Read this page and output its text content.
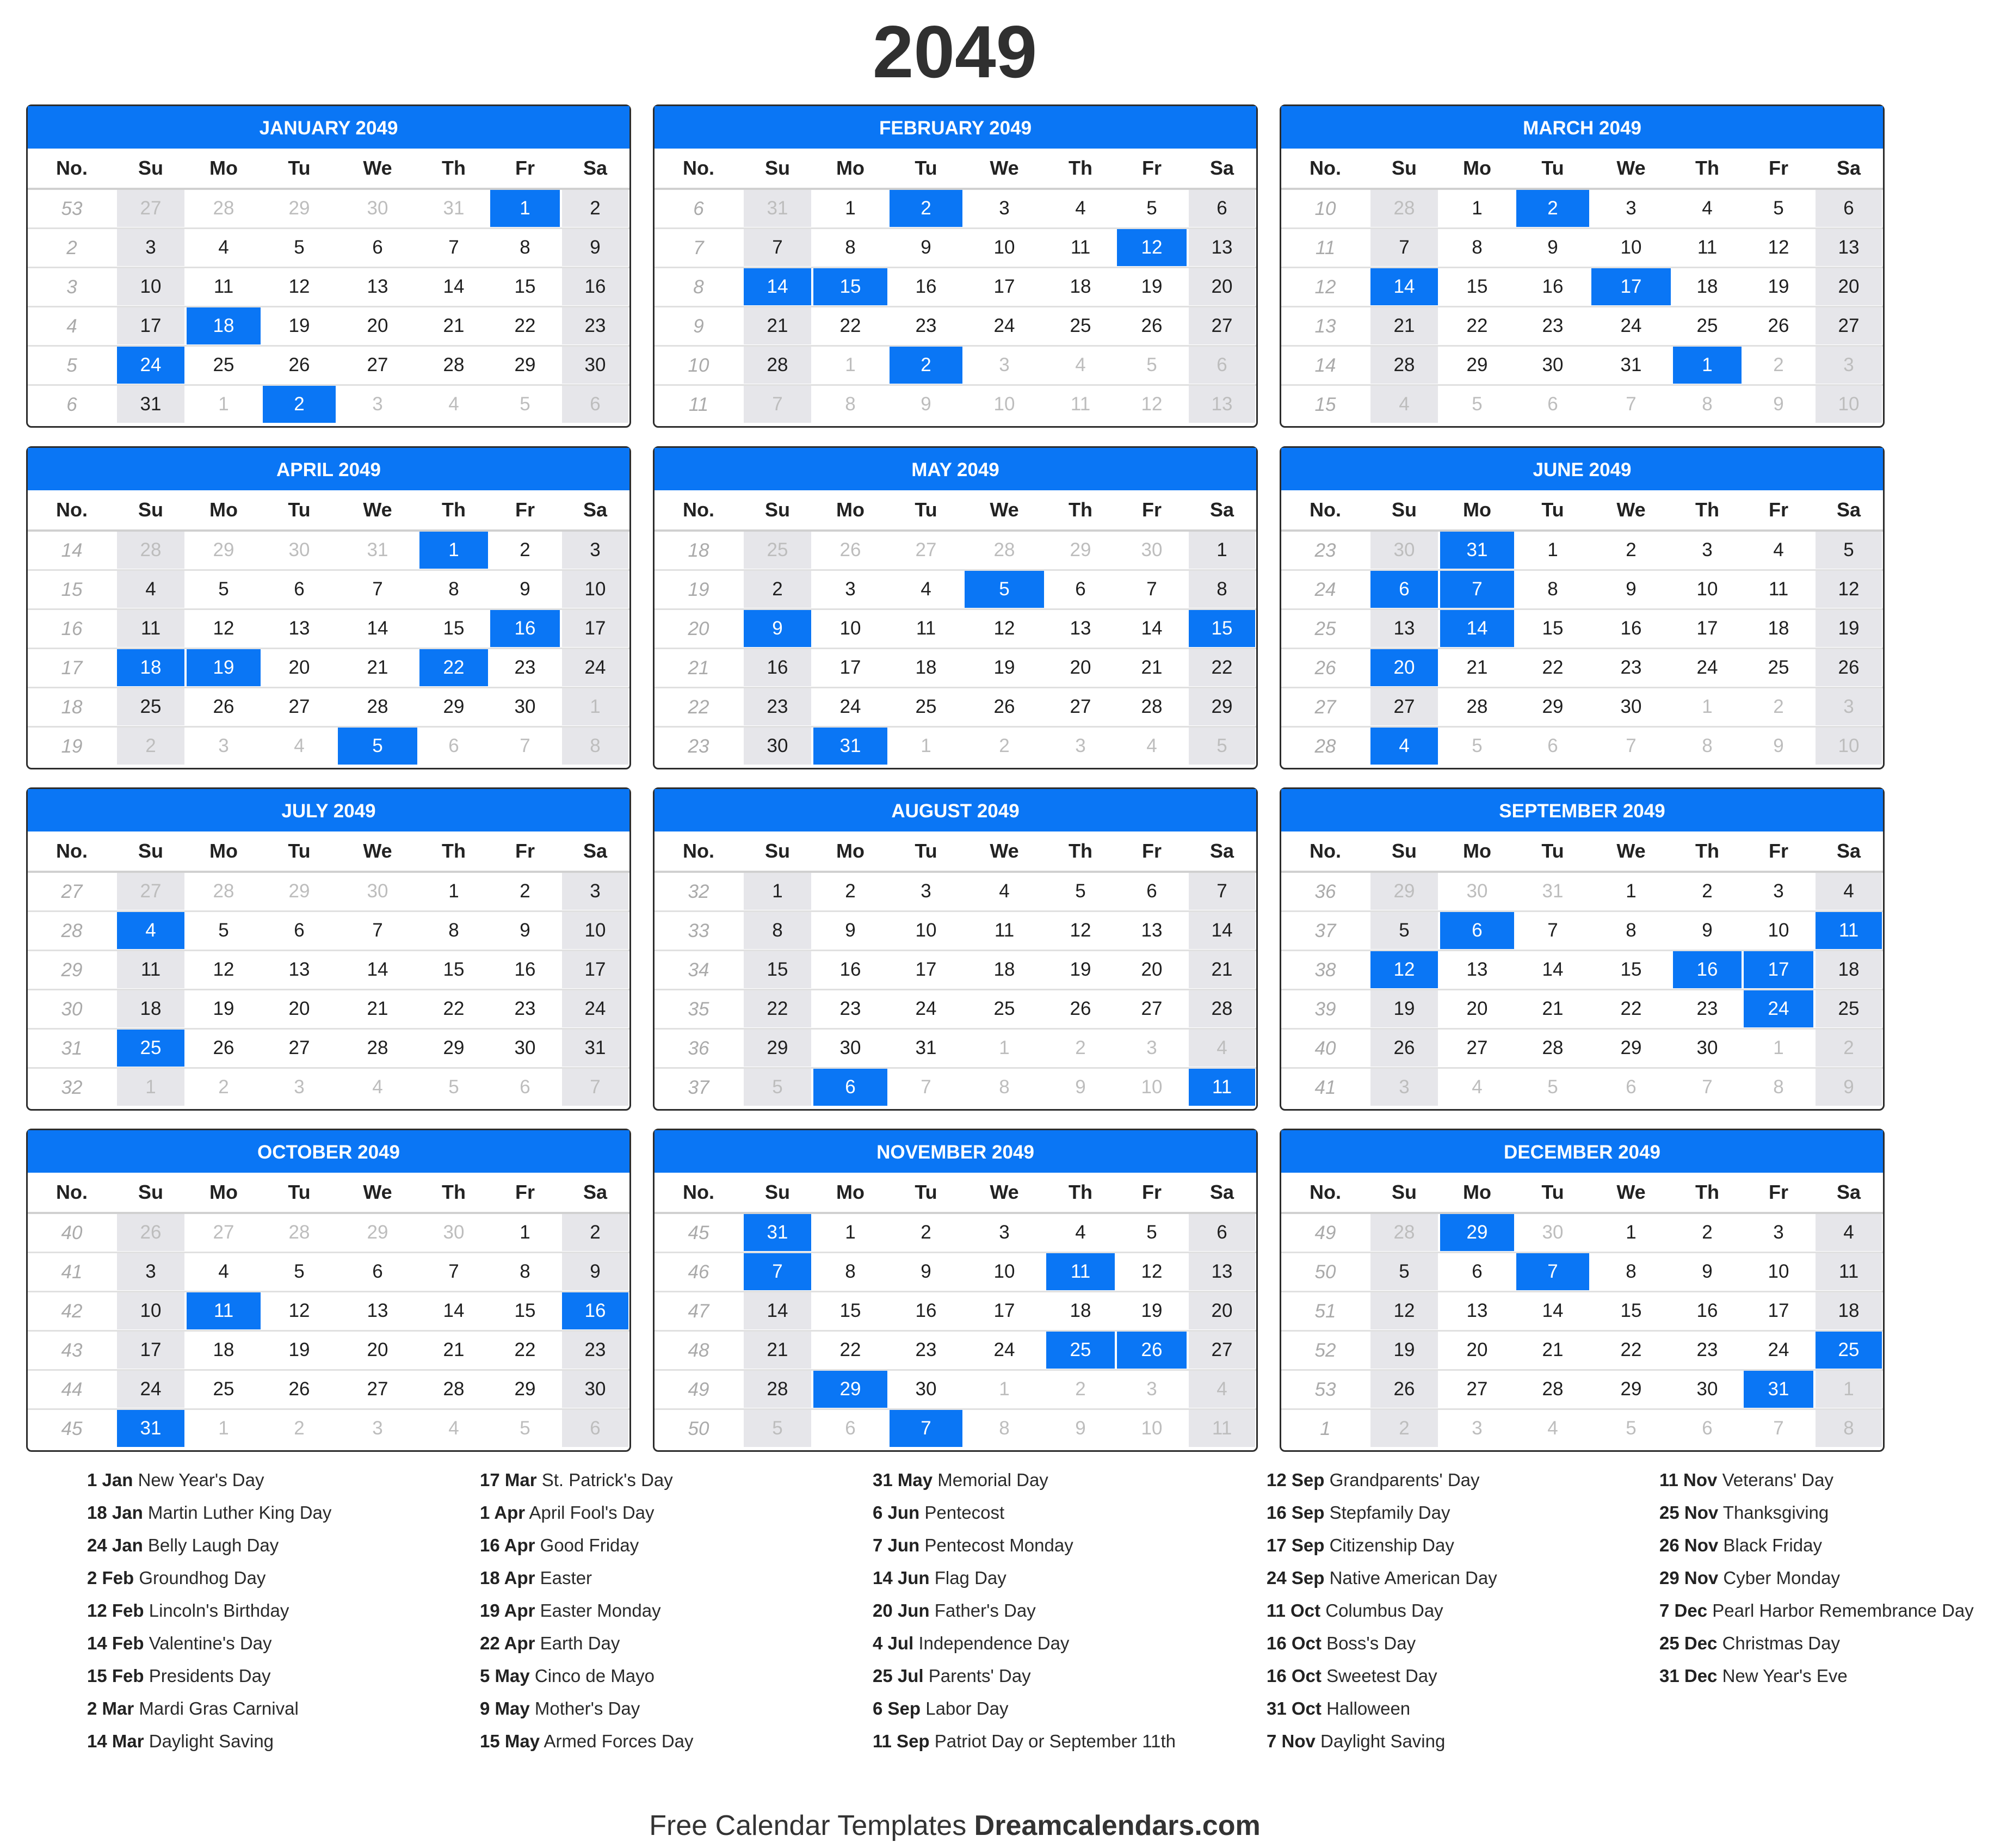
2049
JANUARY 2049
No.	Su	Mo	Tu	We	Th	Fr	Sa
53	27	28	29	30	31	1	2
2	3	4	5	6	7	8	9
3	10	11	12	13	14	15	16
4	17	18	19	20	21	22	23
5	24	25	26	27	28	29	30
6	31	1	2	3	4	5	6
FEBRUARY 2049
No.	Su	Mo	Tu	We	Th	Fr	Sa
6	31	1	2	3	4	5	6
7	7	8	9	10	11	12	13
8	14	15	16	17	18	19	20
9	21	22	23	24	25	26	27
10	28	1	2	3	4	5	6
11	7	8	9	10	11	12	13
MARCH 2049
No.	Su	Mo	Tu	We	Th	Fr	Sa
10	28	1	2	3	4	5	6
11	7	8	9	10	11	12	13
12	14	15	16	17	18	19	20
13	21	22	23	24	25	26	27
14	28	29	30	31	1	2	3
15	4	5	6	7	8	9	10
APRIL 2049
No.	Su	Mo	Tu	We	Th	Fr	Sa
14	28	29	30	31	1	2	3
15	4	5	6	7	8	9	10
16	11	12	13	14	15	16	17
17	18	19	20	21	22	23	24
18	25	26	27	28	29	30	1
19	2	3	4	5	6	7	8
MAY 2049
No.	Su	Mo	Tu	We	Th	Fr	Sa
18	25	26	27	28	29	30	1
19	2	3	4	5	6	7	8
20	9	10	11	12	13	14	15
21	16	17	18	19	20	21	22
22	23	24	25	26	27	28	29
23	30	31	1	2	3	4	5
JUNE 2049
No.	Su	Mo	Tu	We	Th	Fr	Sa
23	30	31	1	2	3	4	5
24	6	7	8	9	10	11	12
25	13	14	15	16	17	18	19
26	20	21	22	23	24	25	26
27	27	28	29	30	1	2	3
28	4	5	6	7	8	9	10
JULY 2049
No.	Su	Mo	Tu	We	Th	Fr	Sa
27	27	28	29	30	1	2	3
28	4	5	6	7	8	9	10
29	11	12	13	14	15	16	17
30	18	19	20	21	22	23	24
31	25	26	27	28	29	30	31
32	1	2	3	4	5	6	7
AUGUST 2049
No.	Su	Mo	Tu	We	Th	Fr	Sa
32	1	2	3	4	5	6	7
33	8	9	10	11	12	13	14
34	15	16	17	18	19	20	21
35	22	23	24	25	26	27	28
36	29	30	31	1	2	3	4
37	5	6	7	8	9	10	11
SEPTEMBER 2049
No.	Su	Mo	Tu	We	Th	Fr	Sa
36	29	30	31	1	2	3	4
37	5	6	7	8	9	10	11
38	12	13	14	15	16	17	18
39	19	20	21	22	23	24	25
40	26	27	28	29	30	1	2
41	3	4	5	6	7	8	9
OCTOBER 2049
No.	Su	Mo	Tu	We	Th	Fr	Sa
40	26	27	28	29	30	1	2
41	3	4	5	6	7	8	9
42	10	11	12	13	14	15	16
43	17	18	19	20	21	22	23
44	24	25	26	27	28	29	30
45	31	1	2	3	4	5	6
NOVEMBER 2049
No.	Su	Mo	Tu	We	Th	Fr	Sa
45	31	1	2	3	4	5	6
46	7	8	9	10	11	12	13
47	14	15	16	17	18	19	20
48	21	22	23	24	25	26	27
49	28	29	30	1	2	3	4
50	5	6	7	8	9	10	11
DECEMBER 2049
No.	Su	Mo	Tu	We	Th	Fr	Sa
49	28	29	30	1	2	3	4
50	5	6	7	8	9	10	11
51	12	13	14	15	16	17	18
52	19	20	21	22	23	24	25
53	26	27	28	29	30	31	1
1	2	3	4	5	6	7	8
1 Jan New Year's Day
18 Jan Martin Luther King Day
24 Jan Belly Laugh Day
2 Feb Groundhog Day
12 Feb Lincoln's Birthday
14 Feb Valentine's Day
15 Feb Presidents Day
2 Mar Mardi Gras Carnival
14 Mar Daylight Saving
17 Mar St. Patrick's Day
1 Apr April Fool's Day
16 Apr Good Friday
18 Apr Easter
19 Apr Easter Monday
22 Apr Earth Day
5 May Cinco de Mayo
9 May Mother's Day
15 May Armed Forces Day
31 May Memorial Day
6 Jun Pentecost
7 Jun Pentecost Monday
14 Jun Flag Day
20 Jun Father's Day
4 Jul Independence Day
25 Jul Parents' Day
6 Sep Labor Day
11 Sep Patriot Day or September 11th
12 Sep Grandparents' Day
16 Sep Stepfamily Day
17 Sep Citizenship Day
24 Sep Native American Day
11 Oct Columbus Day
16 Oct Boss's Day
16 Oct Sweetest Day
31 Oct Halloween
7 Nov Daylight Saving
11 Nov Veterans' Day
25 Nov Thanksgiving
26 Nov Black Friday
29 Nov Cyber Monday
7 Dec Pearl Harbor Remembrance Day
25 Dec Christmas Day
31 Dec New Year's Eve
Free Calendar Templates Dreamcalendars.com
